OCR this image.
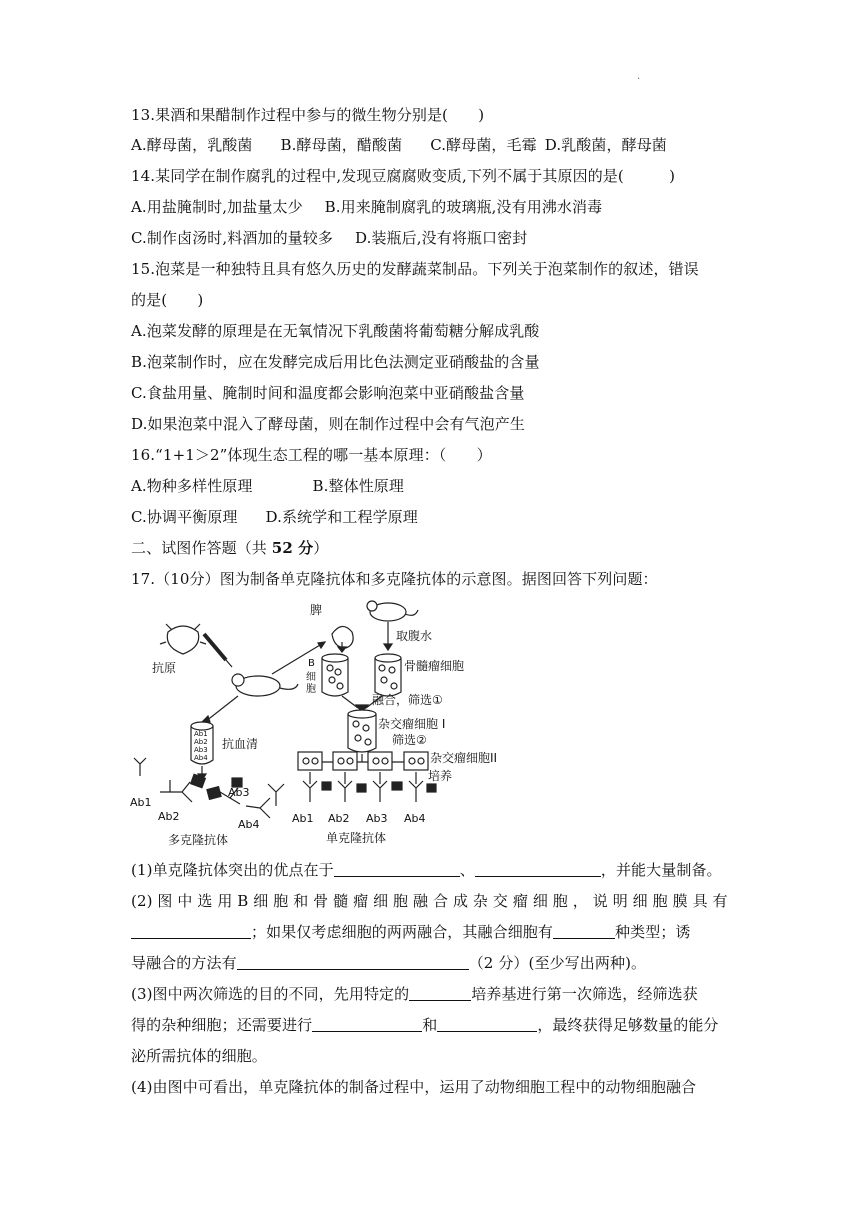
·
13.果酒和果醋制作过程中参与的微生物分别是(　　)
A.酵母菌，乳酸菌 B.酵母菌，醋酸菌 C.酵母菌，毛霉 D.乳酸菌，酵母菌
14.某同学在制作腐乳的过程中,发现豆腐腐败变质,下列不属于其原因的是(　　　)
A.用盐腌制时,加盐量太少 B.用来腌制腐乳的玻璃瓶,没有用沸水消毒
C.制作卤汤时,料酒加的量较多 D.装瓶后,没有将瓶口密封
15.泡菜是一种独特且具有悠久历史的发酵蔬菜制品。下列关于泡菜制作的叙述，错误
的是(　　)
A.泡菜发酵的原理是在无氧情况下乳酸菌将葡萄糖分解成乳酸
B.泡菜制作时，应在发酵完成后用比色法测定亚硝酸盐的含量
C.食盐用量、腌制时间和温度都会影响泡菜中亚硝酸盐含量
D.如果泡菜中混入了酵母菌，则在制作过程中会有气泡产生
16.“1+1＞2”体现生态工程的哪一基本原理：（　　）
A.物种多样性原理	B.整体性原理
C.协调平衡原理 D.系统学和工程学原理
二、试图作答题（共 52 分）
17.（10分）图为制备单克隆抗体和多克隆抗体的示意图。据图回答下列问题：
脾
取腹水
B
细
胞
骨髓瘤细胞
融合，筛选①
抗原
杂交瘤细胞 I
筛选②
抗血清
Ab1
Ab2
Ab3
Ab4	杂交瘤细胞II
培养
Ab1
Ab2
Ab3
Ab4	Ab1 Ab2 Ab3 Ab4
多克隆抗体	单克隆抗体
(1)单克隆抗体突出的优点在于	、	，并能大量制备。
(2) 图 中 选 用 B 细 胞 和 骨 髓 瘤 细 胞 融 合 成 杂 交 瘤 细 胞 ， 说 明 细 胞 膜 具 有
；如果仅考虑细胞的两两融合，其融合细胞有	种类型；诱
导融合的方法有	（2 分）(至少写出两种)。
(3)图中两次筛选的目的不同，先用特定的	培养基进行第一次筛选，经筛选获
得的杂种细胞；还需要进行	和	，最终获得足够数量的能分
泌所需抗体的细胞。
(4)由图中可看出，单克隆抗体的制备过程中，运用了动物细胞工程中的动物细胞融合
